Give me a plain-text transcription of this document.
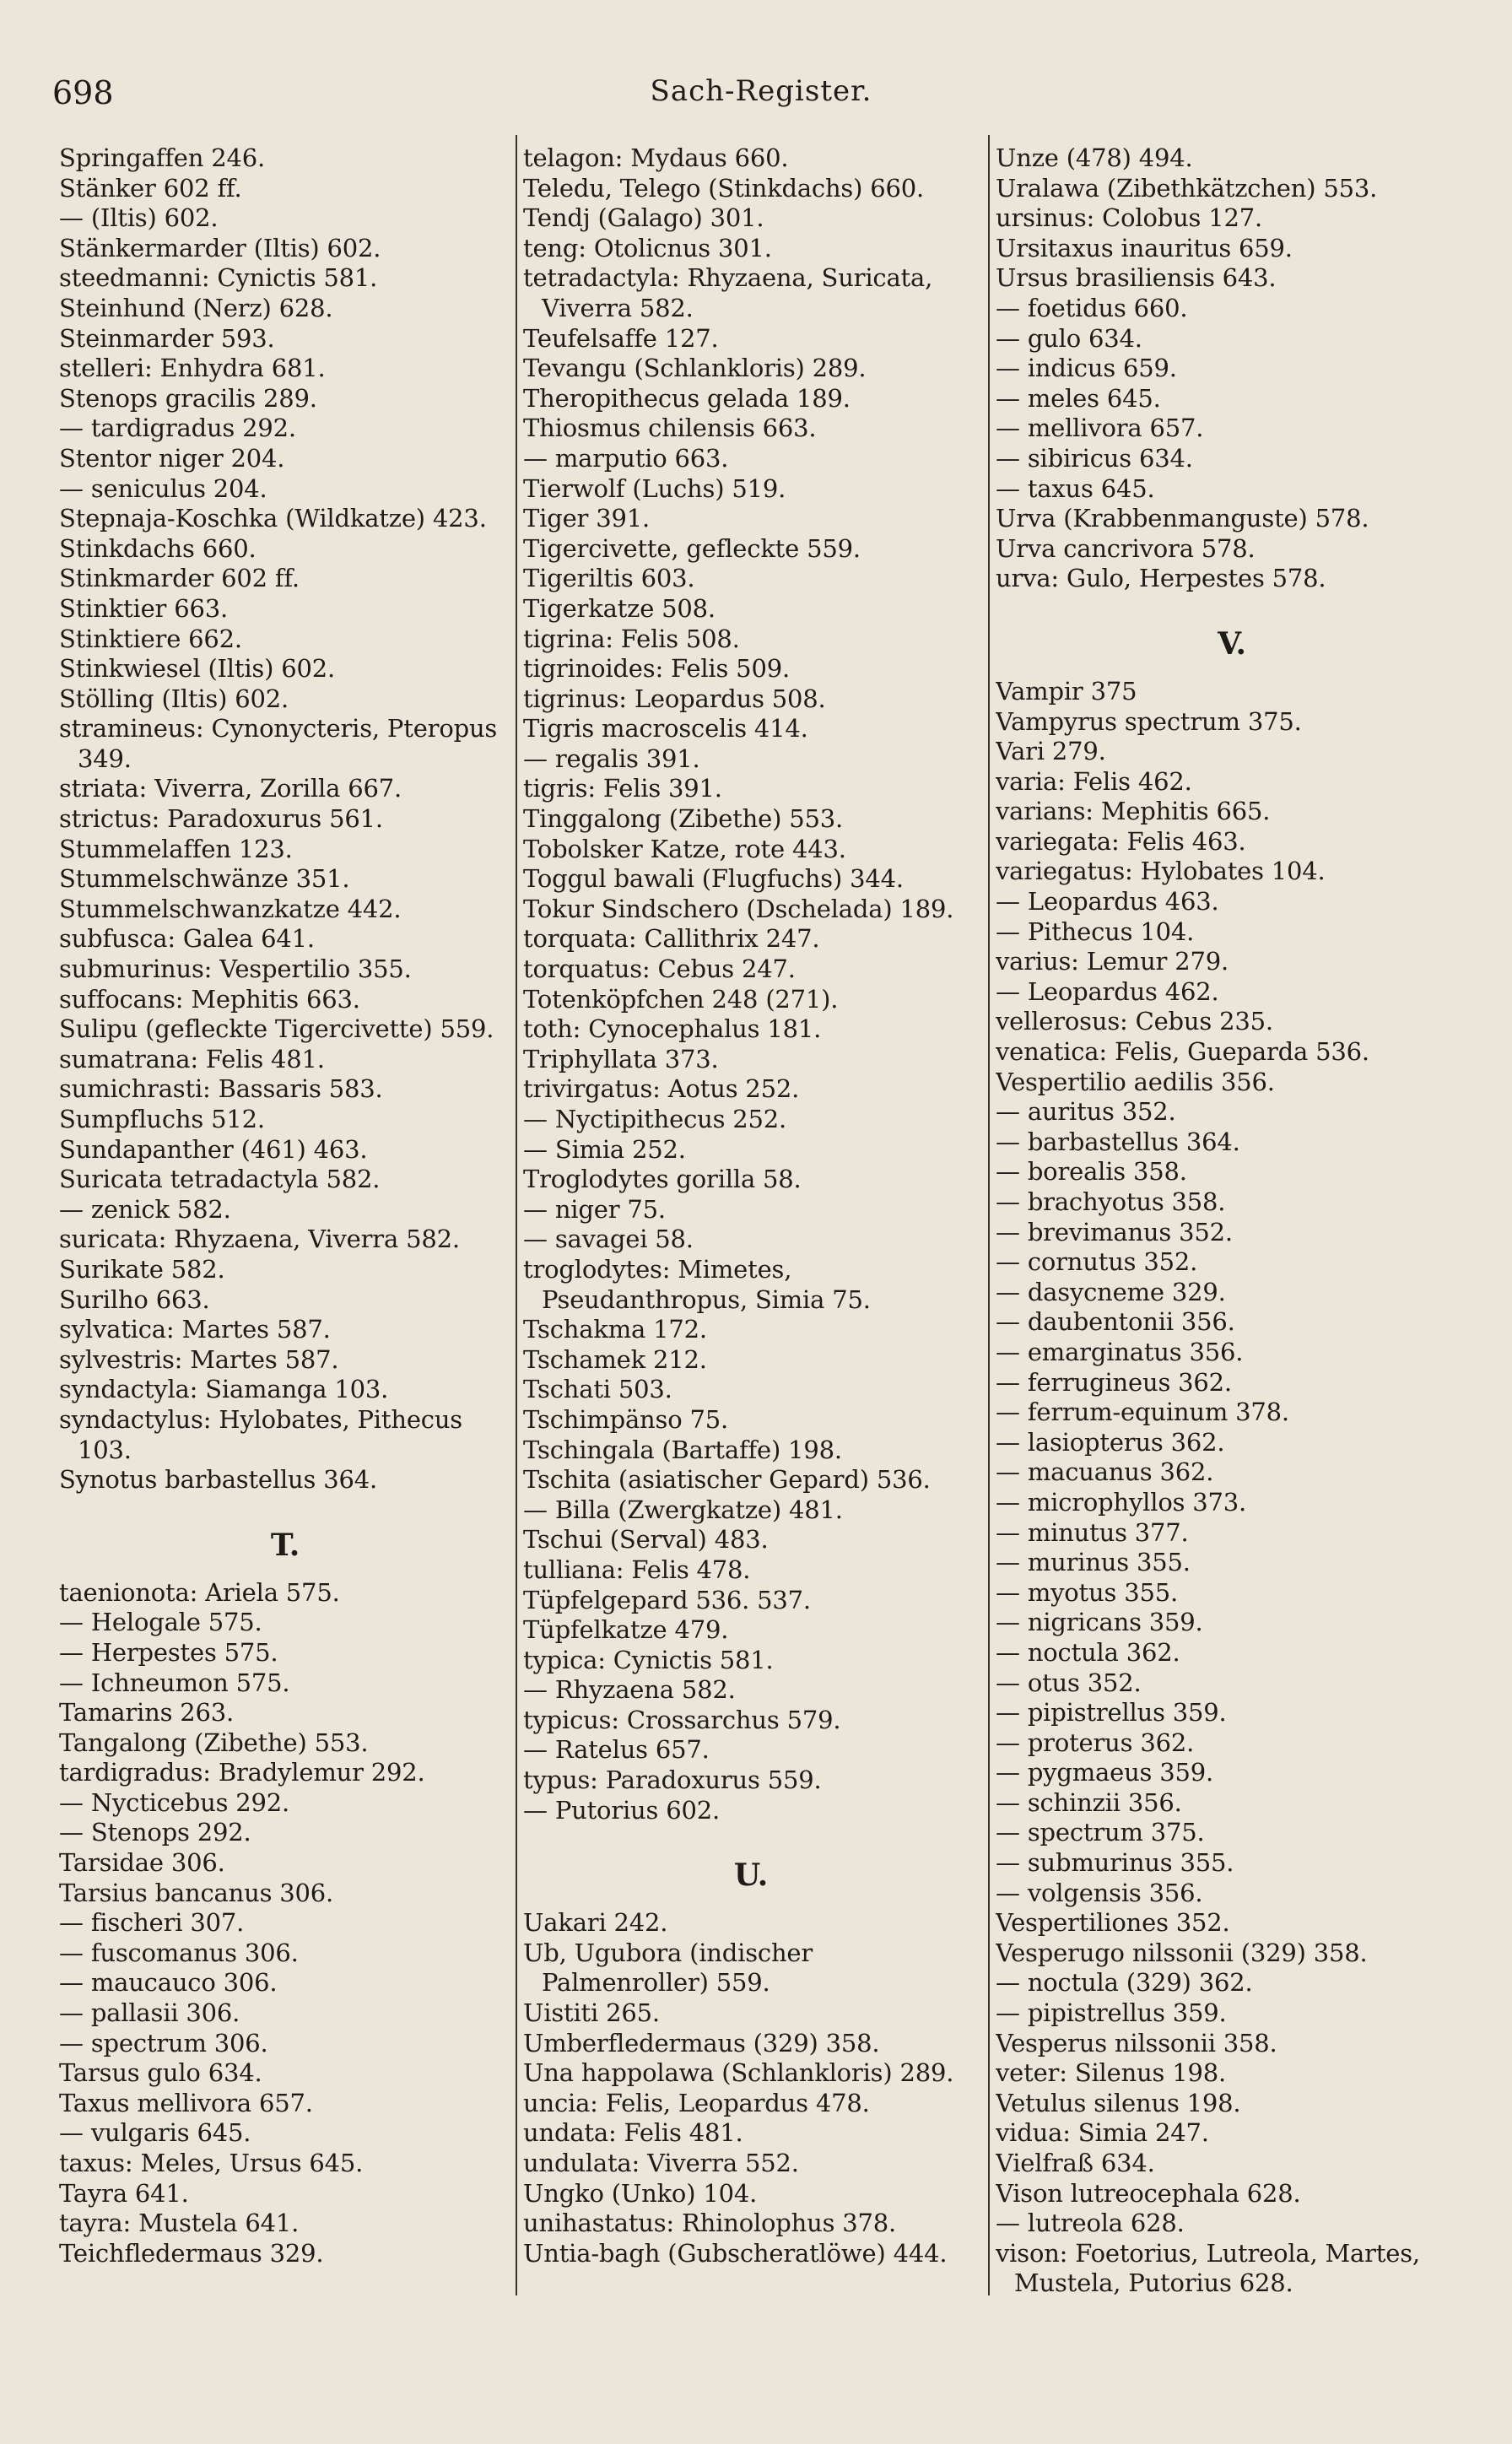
698	Sach-Register.
Springaffen 246.
Stänker 602 ff.
— (Iltis) 602.
Stänkermarder (Iltis) 602.
steedmanni: Cynictis 581.
Steinhund (Nerz) 628.
Steinmarder 593.
stelleri: Enhydra 681.
Stenops gracilis 289.
— tardigradus 292.
Stentor niger 204.
— seniculus 204.
Stepnaja-Koschka (Wildkatze) 423.
Stinkdachs 660.
Stinkmarder 602 ff.
Stinktier 663.
Stinktiere 662.
Stinkwiesel (Iltis) 602.
Stölling (Iltis) 602.
stramineus: Cynonycteris, Pteropus 349.
striata: Viverra, Zorilla 667.
strictus: Paradoxurus 561.
Stummelaffen 123.
Stummelschwänze 351.
Stummelschwanzkatze 442.
subfusca: Galea 641.
submurinus: Vespertilio 355.
suffocans: Mephitis 663.
Sulipu (gefleckte Tigercivette) 559.
sumatrana: Felis 481.
sumichrasti: Bassaris 583.
Sumpfluchs 512.
Sundapanther (461) 463.
Suricata tetradactyla 582.
— zenick 582.
suricata: Rhyzaena, Viverra 582.
Surikate 582.
Surilho 663.
sylvatica: Martes 587.
sylvestris: Martes 587.
syndactyla: Siamanga 103.
syndactylus: Hylobates, Pithecus 103.
Synotus barbastellus 364.
T.
taenionota: Ariela 575.
— Helogale 575.
— Herpestes 575.
— Ichneumon 575.
Tamarins 263.
Tangalong (Zibethe) 553.
tardigradus: Bradylemur 292.
— Nycticebus 292.
— Stenops 292.
Tarsidae 306.
Tarsius bancanus 306.
— fischeri 307.
— fuscomanus 306.
— maucauco 306.
— pallasii 306.
— spectrum 306.
Tarsus gulo 634.
Taxus mellivora 657.
— vulgaris 645.
taxus: Meles, Ursus 645.
Tayra 641.
tayra: Mustela 641.
Teichfledermaus 329.
telagon: Mydaus 660.
Teledu, Telego (Stinkdachs) 660.
Tendj (Galago) 301.
teng: Otolicnus 301.
tetradactyla: Rhyzaena, Suricata, Viverra 582.
Teufelsaffe 127.
Tevangu (Schlankloris) 289.
Theropithecus gelada 189.
Thiosmus chilensis 663.
— marputio 663.
Tierwolf (Luchs) 519.
Tiger 391.
Tigercivette, gefleckte 559.
Tigeriltis 603.
Tigerkatze 508.
tigrina: Felis 508.
tigrinoides: Felis 509.
tigrinus: Leopardus 508.
Tigris macroscelis 414.
— regalis 391.
tigris: Felis 391.
Tinggalong (Zibethe) 553.
Tobolsker Katze, rote 443.
Toggul bawali (Flugfuchs) 344.
Tokur Sindschero (Dschelada) 189.
torquata: Callithrix 247.
torquatus: Cebus 247.
Totenköpfchen 248 (271).
toth: Cynocephalus 181.
Triphyllata 373.
trivirgatus: Aotus 252.
— Nyctipithecus 252.
— Simia 252.
Troglodytes gorilla 58.
— niger 75.
— savagei 58.
troglodytes: Mimetes, Pseudanthropus, Simia 75.
Tschakma 172.
Tschamek 212.
Tschati 503.
Tschimpänso 75.
Tschingala (Bartaffe) 198.
Tschita (asiatischer Gepard) 536.
— Billa (Zwergkatze) 481.
Tschui (Serval) 483.
tulliana: Felis 478.
Tüpfelgepard 536. 537.
Tüpfelkatze 479.
typica: Cynictis 581.
— Rhyzaena 582.
typicus: Crossarchus 579.
— Ratelus 657.
typus: Paradoxurus 559.
— Putorius 602.
U.
Uakari 242.
Ub, Ugubora (indischer Palmenroller) 559.
Uistiti 265.
Umberfledermaus (329) 358.
Una happolawa (Schlankloris) 289.
uncia: Felis, Leopardus 478.
undata: Felis 481.
undulata: Viverra 552.
Ungko (Unko) 104.
unihastatus: Rhinolophus 378.
Untia-bagh (Gubscheratlöwe) 444.
Unze (478) 494.
Uralawa (Zibethkätzchen) 553.
ursinus: Colobus 127.
Ursitaxus inauritus 659.
Ursus brasiliensis 643.
— foetidus 660.
— gulo 634.
— indicus 659.
— meles 645.
— mellivora 657.
— sibiricus 634.
— taxus 645.
Urva (Krabbenmanguste) 578.
Urva cancrivora 578.
urva: Gulo, Herpestes 578.
V.
Vampir 375
Vampyrus spectrum 375.
Vari 279.
varia: Felis 462.
varians: Mephitis 665.
variegata: Felis 463.
variegatus: Hylobates 104.
— Leopardus 463.
— Pithecus 104.
varius: Lemur 279.
— Leopardus 462.
vellerosus: Cebus 235.
venatica: Felis, Gueparda 536.
Vespertilio aedilis 356.
— auritus 352.
— barbastellus 364.
— borealis 358.
— brachyotus 358.
— brevimanus 352.
— cornutus 352.
— dasycneme 329.
— daubentonii 356.
— emarginatus 356.
— ferrugineus 362.
— ferrum-equinum 378.
— lasiopterus 362.
— macuanus 362.
— microphyllos 373.
— minutus 377.
— murinus 355.
— myotus 355.
— nigricans 359.
— noctula 362.
— otus 352.
— pipistrellus 359.
— proterus 362.
— pygmaeus 359.
— schinzii 356.
— spectrum 375.
— submurinus 355.
— volgensis 356.
Vespertiliones 352.
Vesperugo nilssonii (329) 358.
— noctula (329) 362.
— pipistrellus 359.
Vesperus nilssonii 358.
veter: Silenus 198.
Vetulus silenus 198.
vidua: Simia 247.
Vielfraß 634.
Vison lutreocephala 628.
— lutreola 628.
vison: Foetorius, Lutreola, Martes, Mustela, Putorius 628.
